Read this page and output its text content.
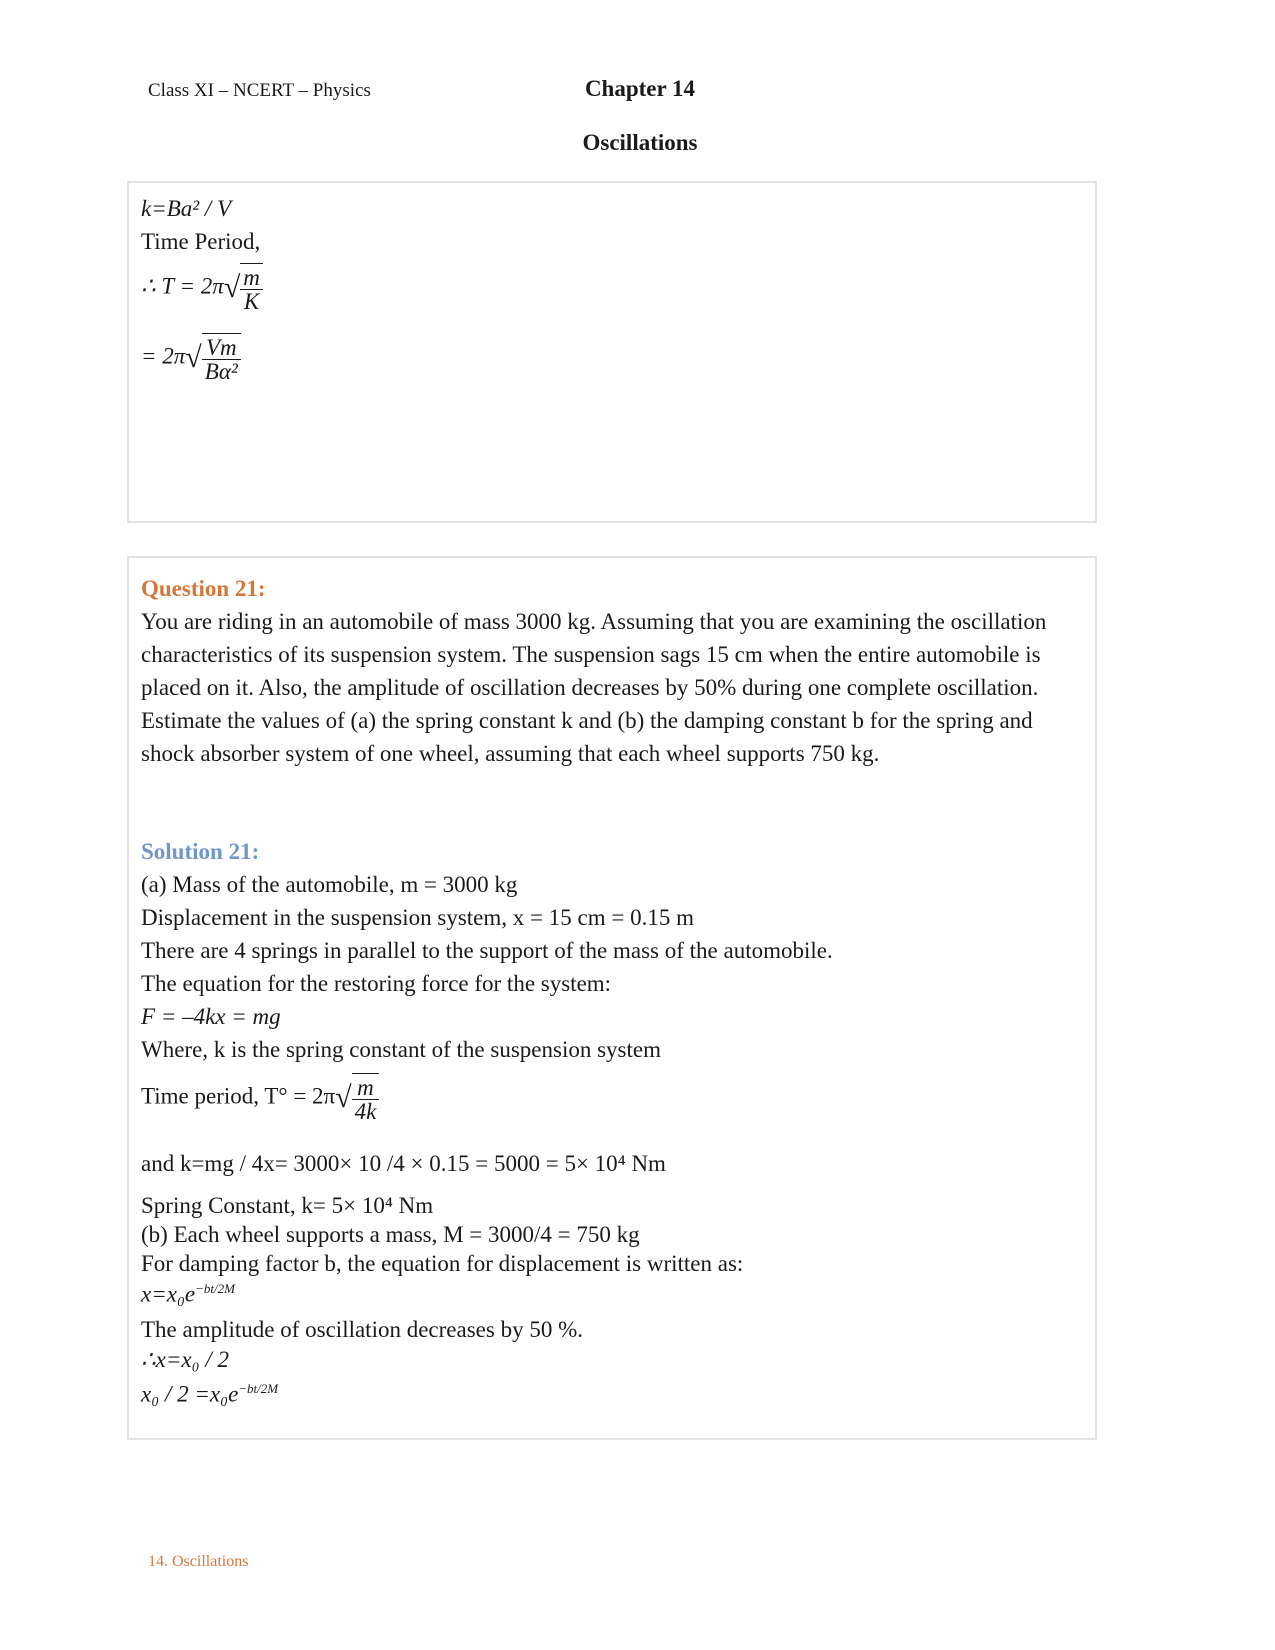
Class XI – NCERT – Physics	Chapter 14
Oscillations
k=Ba² / V
Time Period,
∴ $T = 2\pi√ \frac{m}{K}$
= $2\pi√ \frac{Vm}{\text{Bα²}}$
Question 21:
You are riding in an automobile of mass 3000 kg. Assuming that you are examining the oscillation characteristics of its suspension system. The suspension sags 15 cm when the entire automobile is placed on it. Also, the amplitude of oscillation decreases by 50% during one complete oscillation. Estimate the values of (a) the spring constant k and (b) the damping constant b for the spring and shock absorber system of one wheel, assuming that each wheel supports 750 kg.
Solution 21:
(a) Mass of the automobile, m = 3000 kg
Displacement in the suspension system, x = 15 cm = 0.15 m
There are 4 springs in parallel to the support of the mass of the automobile.
The equation for the restoring force for the system:
F = –4kx = mg
Where, k is the spring constant of the suspension system
Time period, $T^\circ = 2\pi√ \frac{m}{4k}$
and k=mg / 4x= 3000× 10 /4 × 0.15 = 5000 = 5× 10⁴ Nm
Spring Constant, k= 5× 10⁴ Nm
(b) Each wheel supports a mass, M = 3000/4 = 750 kg
For damping factor b, the equation for displacement is written as:
$x=x_0e^{-bt/2M}$
The amplitude of oscillation decreases by 50 %.
∴x=x₀ / 2
$x_0 / 2 =x_0e^{-bt/2M}$
14. Oscillations
